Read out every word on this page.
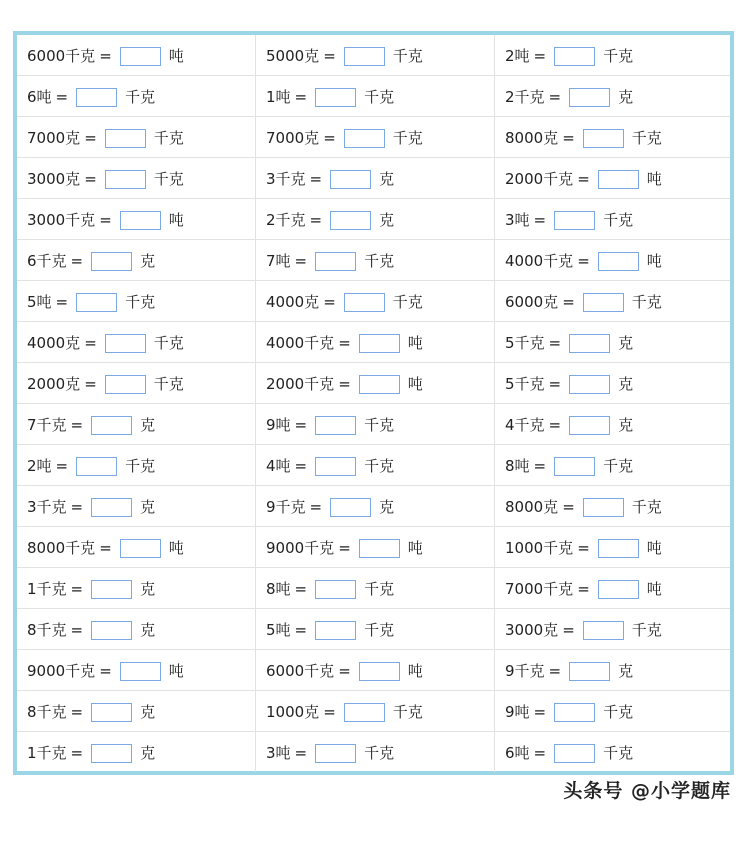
6000千克 = 吨	5000克 = 千克	2吨 = 千克
6吨 = 千克	1吨 = 千克	2千克 = 克
7000克 = 千克	7000克 = 千克	8000克 = 千克
3000克 = 千克	3千克 = 克	2000千克 = 吨
3000千克 = 吨	2千克 = 克	3吨 = 千克
6千克 = 克	7吨 = 千克	4000千克 = 吨
5吨 = 千克	4000克 = 千克	6000克 = 千克
4000克 = 千克	4000千克 = 吨	5千克 = 克
2000克 = 千克	2000千克 = 吨	5千克 = 克
7千克 = 克	9吨 = 千克	4千克 = 克
2吨 = 千克	4吨 = 千克	8吨 = 千克
3千克 = 克	9千克 = 克	8000克 = 千克
8000千克 = 吨	9000千克 = 吨	1000千克 = 吨
1千克 = 克	8吨 = 千克	7000千克 = 吨
8千克 = 克	5吨 = 千克	3000克 = 千克
9000千克 = 吨	6000千克 = 吨	9千克 = 克
8千克 = 克	1000克 = 千克	9吨 = 千克
1千克 = 克	3吨 = 千克	6吨 = 千克
头条号 @小学题库
